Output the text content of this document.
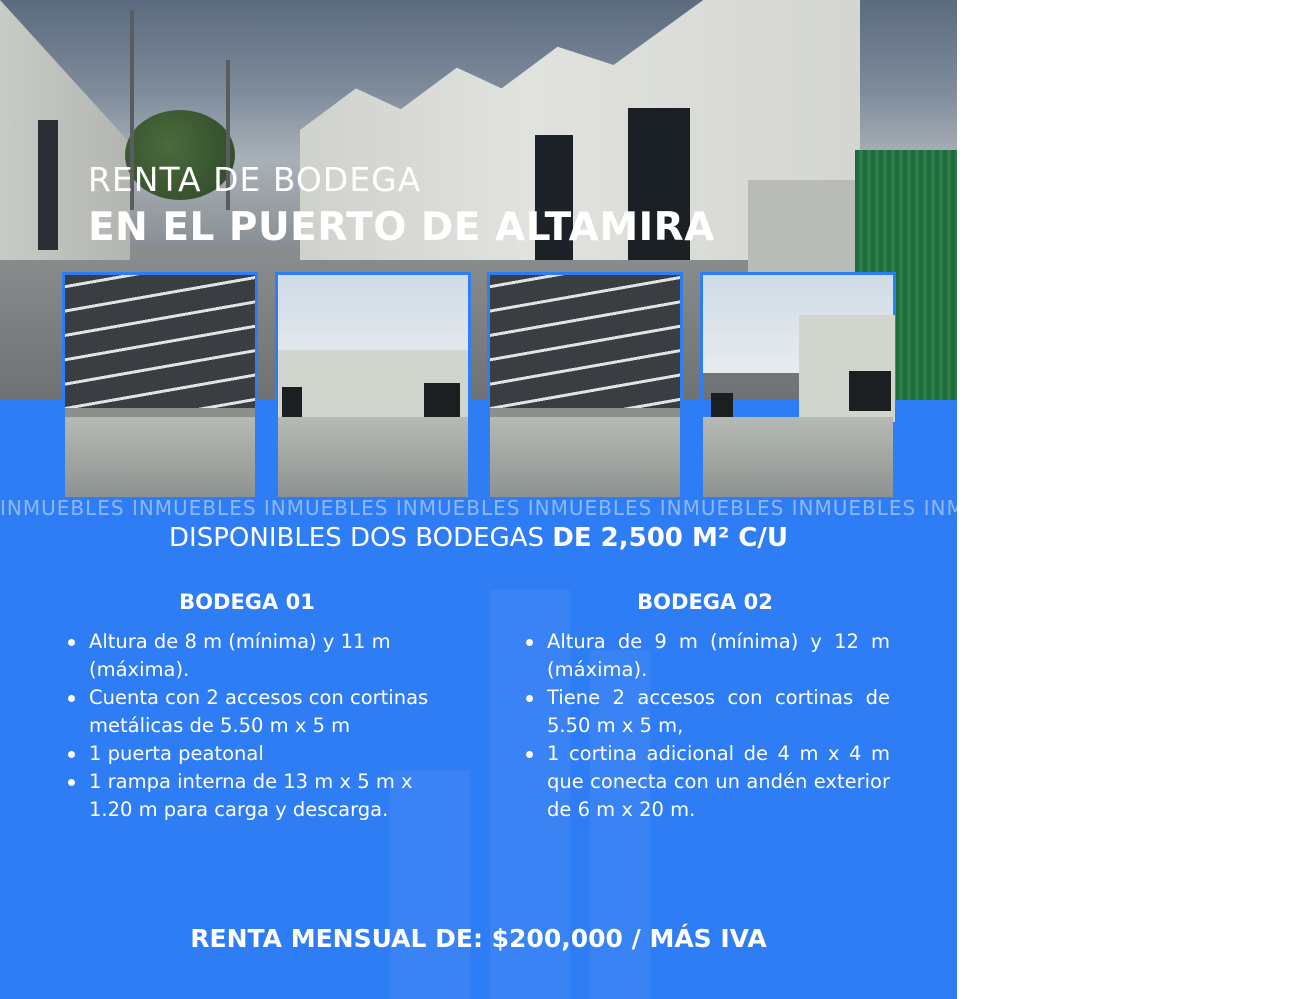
RENTA DE BODEGA
EN EL PUERTO DE ALTAMIRA
INMUEBLES INMUEBLES INMUEBLES INMUEBLES INMUEBLES INMUEBLES INMUEBLES INMUEBLES INMUEBLES INMUEBLES

DISPONIBLES DOS BODEGAS DE 2,500 M² C/U

BODEGA 01
Altura de 8 m (mínima) y 11 m (máxima).
Cuenta con 2 accesos con cortinas metálicas de 5.50 m x 5 m
1 puerta peatonal
1 rampa interna de 13 m x 5 m x 1.20 m para carga y descarga.
BODEGA 02
Altura de 9 m (mínima) y 12 m (máxima).
Tiene 2 accesos con cortinas de 5.50 m x 5 m,
1 cortina adicional de 4 m x 4 m que conecta con un andén exterior de 6 m x 20 m.

RENTA MENSUAL DE: $200,000 / MÁS IVA
